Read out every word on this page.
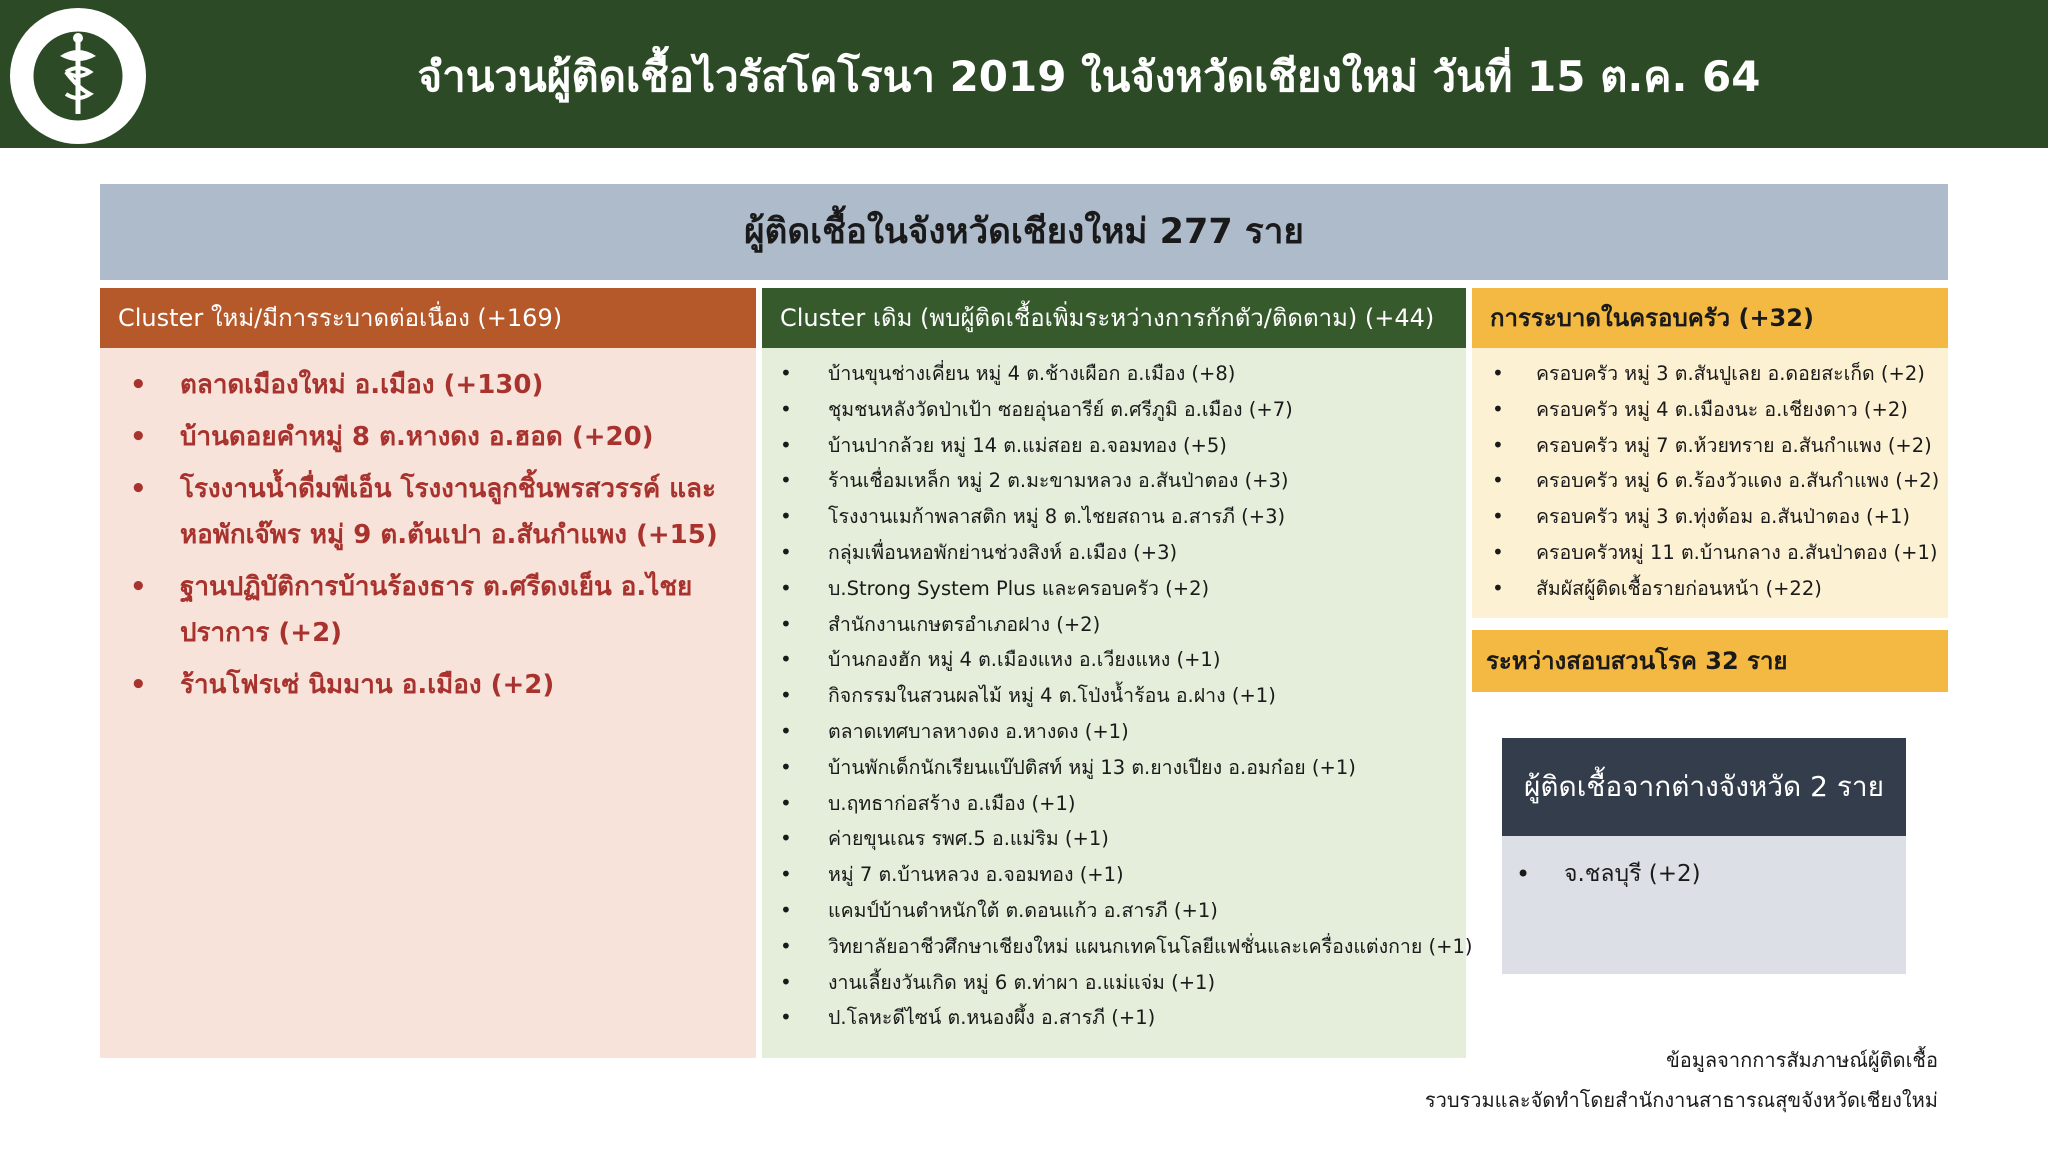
จำนวนผู้ติดเชื้อไวรัสโคโรนา 2019 ในจังหวัดเชียงใหม่ วันที่ 15 ต.ค. 64
ผู้ติดเชื้อในจังหวัดเชียงใหม่ 277 ราย
Cluster ใหม่/มีการระบาดต่อเนื่อง (+169)
• ตลาดเมืองใหม่ อ.เมือง (+130)
• บ้านดอยคำหมู่ 8 ต.หางดง อ.ฮอด (+20)
• โรงงานน้ำดื่มพีเอ็น โรงงานลูกชิ้นพรสวรรค์ และหอพักเจ๊พร หมู่ 9 ต.ต้นเปา อ.สันกำแพง (+15)
• ฐานปฏิบัติการบ้านร้องธาร ต.ศรีดงเย็น อ.ไชยปราการ (+2)
• ร้านโฟรเซ่ นิมมาน อ.เมือง (+2)
Cluster เดิม (พบผู้ติดเชื้อเพิ่มระหว่างการกักตัว/ติดตาม) (+44)
• บ้านขุนช่างเคี่ยน หมู่ 4 ต.ช้างเผือก อ.เมือง (+8)
• ชุมชนหลังวัดป่าเป้า ซอยอุ่นอารีย์ ต.ศรีภูมิ อ.เมือง (+7)
• บ้านปากล้วย หมู่ 14 ต.แม่สอย อ.จอมทอง (+5)
• ร้านเชื่อมเหล็ก หมู่ 2 ต.มะขามหลวง อ.สันป่าตอง (+3)
• โรงงานเมก้าพลาสติก หมู่ 8 ต.ไชยสถาน อ.สารภี (+3)
• กลุ่มเพื่อนหอพักย่านช่วงสิงห์ อ.เมือง (+3)
• บ.Strong System Plus และครอบครัว (+2)
• สำนักงานเกษตรอำเภอฝาง (+2)
• บ้านกองฮัก หมู่ 4 ต.เมืองแหง อ.เวียงแหง (+1)
• กิจกรรมในสวนผลไม้ หมู่ 4 ต.โป่งน้ำร้อน อ.ฝาง (+1)
• ตลาดเทศบาลหางดง อ.หางดง (+1)
• บ้านพักเด็กนักเรียนแบ๊ปติสท์ หมู่ 13 ต.ยางเปียง อ.อมก๋อย (+1)
• บ.ฤทธาก่อสร้าง อ.เมือง (+1)
• ค่ายขุนเณร รพศ.5 อ.แม่ริม (+1)
• หมู่ 7 ต.บ้านหลวง อ.จอมทอง (+1)
• แคมป์บ้านตำหนักใต้ ต.ดอนแก้ว อ.สารภี (+1)
• วิทยาลัยอาชีวศึกษาเชียงใหม่ แผนกเทคโนโลยีแฟชั่นและเครื่องแต่งกาย (+1)
• งานเลี้ยงวันเกิด หมู่ 6 ต.ท่าผา อ.แม่แจ่ม (+1)
• ป.โลหะดีไซน์ ต.หนองผึ้ง อ.สารภี (+1)
การระบาดในครอบครัว (+32)
• ครอบครัว หมู่ 3 ต.สันปูเลย อ.ดอยสะเก็ด (+2)
• ครอบครัว หมู่ 4 ต.เมืองนะ อ.เชียงดาว (+2)
• ครอบครัว หมู่ 7 ต.ห้วยทราย อ.สันกำแพง (+2)
• ครอบครัว หมู่ 6 ต.ร้องวัวแดง อ.สันกำแพง (+2)
• ครอบครัว หมู่ 3 ต.ทุ่งต้อม อ.สันป่าตอง (+1)
• ครอบครัวหมู่ 11 ต.บ้านกลาง อ.สันป่าตอง (+1)
• สัมผัสผู้ติดเชื้อรายก่อนหน้า (+22)
ระหว่างสอบสวนโรค 32 ราย
ผู้ติดเชื้อจากต่างจังหวัด 2 ราย
• จ.ชลบุรี (+2)
ข้อมูลจากการสัมภาษณ์ผู้ติดเชื้อ
รวบรวมและจัดทำโดยสำนักงานสาธารณสุขจังหวัดเชียงใหม่
